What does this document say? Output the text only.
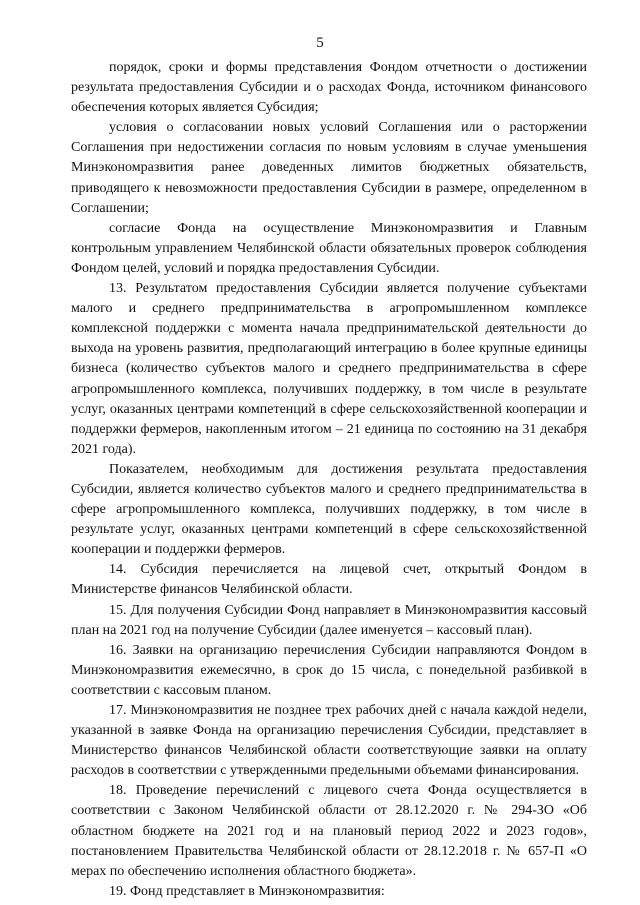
5

порядок, сроки и формы представления Фондом отчетности о достижении результата предоставления Субсидии и о расходах Фонда, источником финансового обеспечения которых является Субсидия;

условия о согласовании новых условий Соглашения или о расторжении Соглашения при недостижении согласия по новым условиям в случае уменьшения Минэкономразвития ранее доведенных лимитов бюджетных обязательств, приводящего к невозможности предоставления Субсидии в размере, определенном в Соглашении;

согласие Фонда на осуществление Минэкономразвития и Главным контрольным управлением Челябинской области обязательных проверок соблюдения Фондом целей, условий и порядка предоставления Субсидии.

13. Результатом предоставления Субсидии является получение субъектами малого и среднего предпринимательства в агропромышленном комплексе комплексной поддержки с момента начала предпринимательской деятельности до выхода на уровень развития, предполагающий интеграцию в более крупные единицы бизнеса (количество субъектов малого и среднего предпринимательства в сфере агропромышленного комплекса, получивших поддержку, в том числе в результате услуг, оказанных центрами компетенций в сфере сельскохозяйственной кооперации и поддержки фермеров, накопленным итогом – 21 единица по состоянию на 31 декабря 2021 года).

Показателем, необходимым для достижения результата предоставления Субсидии, является количество субъектов малого и среднего предпринимательства в сфере агропромышленного комплекса, получивших поддержку, в том числе в результате услуг, оказанных центрами компетенций в сфере сельскохозяйственной кооперации и поддержки фермеров.

14. Субсидия перечисляется на лицевой счет, открытый Фондом в Министерстве финансов Челябинской области.

15. Для получения Субсидии Фонд направляет в Минэкономразвития кассовый план на 2021 год на получение Субсидии (далее именуется – кассовый план).

16. Заявки на организацию перечисления Субсидии направляются Фондом в Минэкономразвития ежемесячно, в срок до 15 числа, с понедельной разбивкой в соответствии с кассовым планом.

17. Минэкономразвития не позднее трех рабочих дней с начала каждой недели, указанной в заявке Фонда на организацию перечисления Субсидии, представляет в Министерство финансов Челябинской области соответствующие заявки на оплату расходов в соответствии с утвержденными предельными объемами финансирования.

18. Проведение перечислений с лицевого счета Фонда осуществляется в соответствии с Законом Челябинской области от 28.12.2020 г. № 294-ЗО «Об областном бюджете на 2021 год и на плановый период 2022 и 2023 годов», постановлением Правительства Челябинской области от 28.12.2018 г. № 657-П «О мерах по обеспечению исполнения областного бюджета».

19. Фонд представляет в Минэкономразвития:
